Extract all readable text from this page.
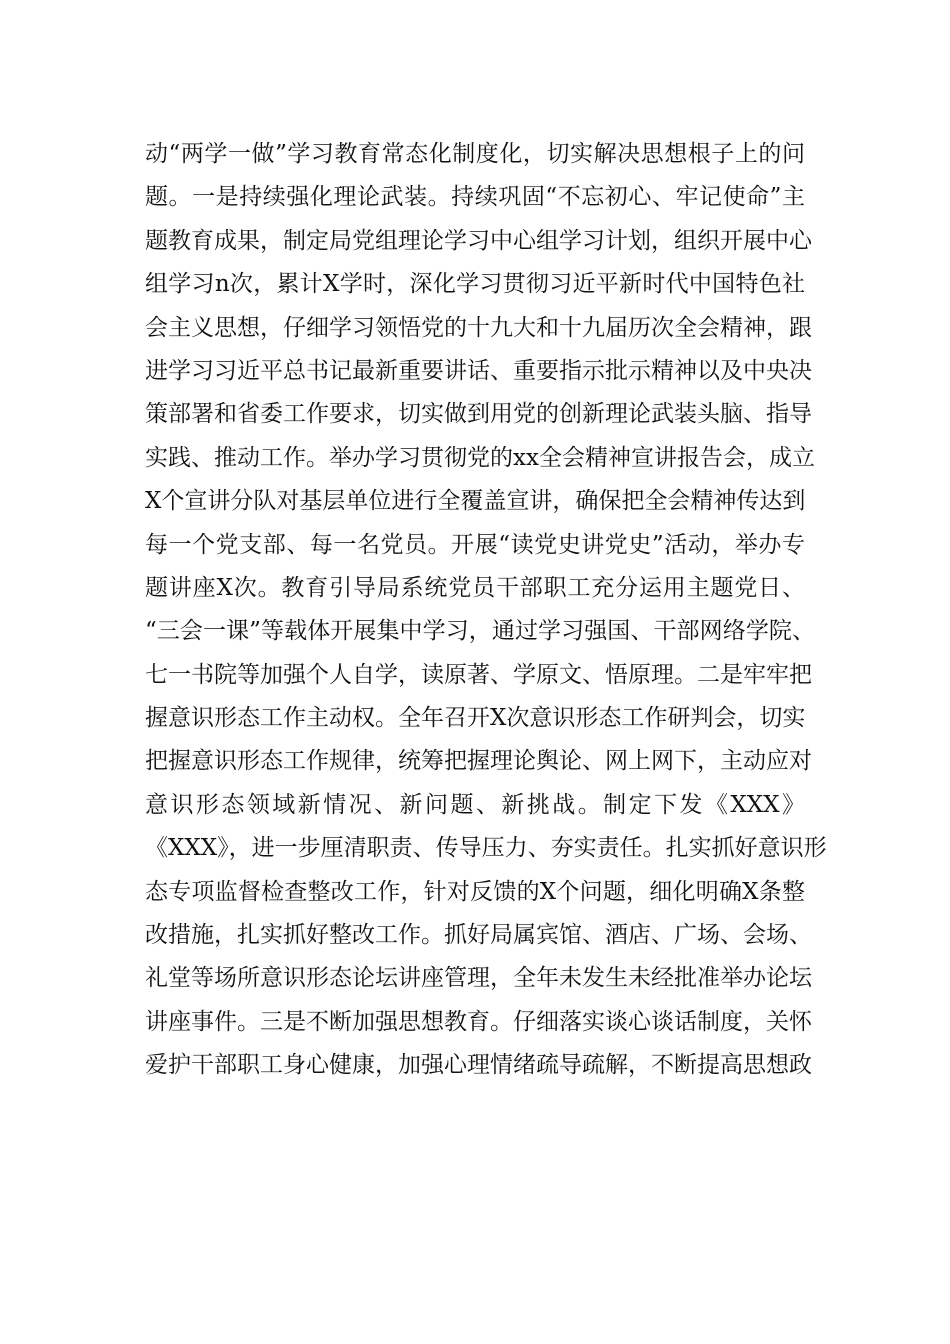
动“两学一做”学习教育常态化制度化，切实解决思想根子上的问
题。一是持续强化理论武装。持续巩固“不忘初心、牢记使命”主
题教育成果，制定局党组理论学习中心组学习计划，组织开展中心
组学习n次，累计X学时，深化学习贯彻习近平新时代中国特色社
会主义思想，仔细学习领悟党的十九大和十九届历次全会精神，跟
进学习习近平总书记最新重要讲话、重要指示批示精神以及中央决
策部署和省委工作要求，切实做到用党的创新理论武装头脑、指导
实践、推动工作。举办学习贯彻党的xx全会精神宣讲报告会，成立
X个宣讲分队对基层单位进行全覆盖宣讲，确保把全会精神传达到
每一个党支部、每一名党员。开展“读党史讲党史”活动，举办专
题讲座X次。教育引导局系统党员干部职工充分运用主题党日、
“三会一课”等载体开展集中学习，通过学习强国、干部网络学院、
七一书院等加强个人自学，读原著、学原文、悟原理。二是牢牢把
握意识形态工作主动权。全年召开X次意识形态工作研判会，切实
把握意识形态工作规律，统筹把握理论舆论、网上网下，主动应对
意识形态领域新情况、新问题、新挑战。制定下发《XXX》
《XXX》，进一步厘清职责、传导压力、夯实责任。扎实抓好意识形
态专项监督检查整改工作，针对反馈的X个问题，细化明确X条整
改措施，扎实抓好整改工作。抓好局属宾馆、酒店、广场、会场、
礼堂等场所意识形态论坛讲座管理，全年未发生未经批准举办论坛
讲座事件。三是不断加强思想教育。仔细落实谈心谈话制度，关怀
爱护干部职工身心健康，加强心理情绪疏导疏解，不断提高思想政
